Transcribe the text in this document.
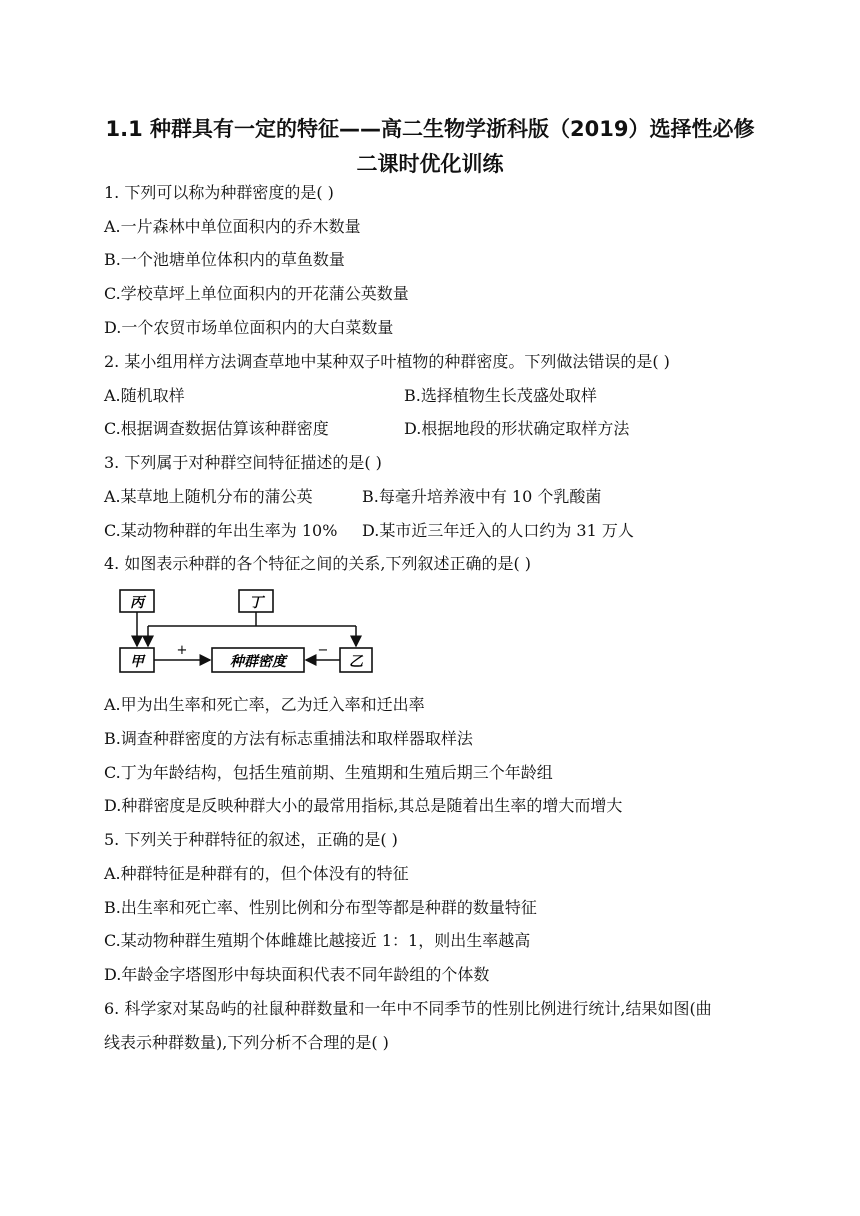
1.1 种群具有一定的特征——高二生物学浙科版（2019）选择性必修
二课时优化训练
1. 下列可以称为种群密度的是( )
A.一片森林中单位面积内的乔木数量
B.一个池塘单位体积内的草鱼数量
C.学校草坪上单位面积内的开花蒲公英数量
D.一个农贸市场单位面积内的大白菜数量
2. 某小组用样方法调查草地中某种双子叶植物的种群密度。下列做法错误的是( )
A.随机取样	B.选择植物生长茂盛处取样
C.根据调查数据估算该种群密度	D.根据地段的形状确定取样方法
3. 下列属于对种群空间特征描述的是( )
A.某草地上随机分布的蒲公英	B.每毫升培养液中有 10 个乳酸菌
C.某动物种群的年出生率为 10% D.某市近三年迁入的人口约为 31 万人
4. 如图表示种群的各个特征之间的关系,下列叙述正确的是( )
丙	丁
甲	种群密度	乙
+	−
A.甲为出生率和死亡率，乙为迁入率和迁出率
B.调查种群密度的方法有标志重捕法和取样器取样法
C.丁为年龄结构，包括生殖前期、生殖期和生殖后期三个年龄组
D.种群密度是反映种群大小的最常用指标,其总是随着出生率的增大而增大
5. 下列关于种群特征的叙述，正确的是( )
A.种群特征是种群有的，但个体没有的特征
B.出生率和死亡率、性别比例和分布型等都是种群的数量特征
C.某动物种群生殖期个体雌雄比越接近 1：1，则出生率越高
D.年龄金字塔图形中每块面积代表不同年龄组的个体数
6. 科学家对某岛屿的社鼠种群数量和一年中不同季节的性别比例进行统计,结果如图(曲
线表示种群数量),下列分析不合理的是( )
